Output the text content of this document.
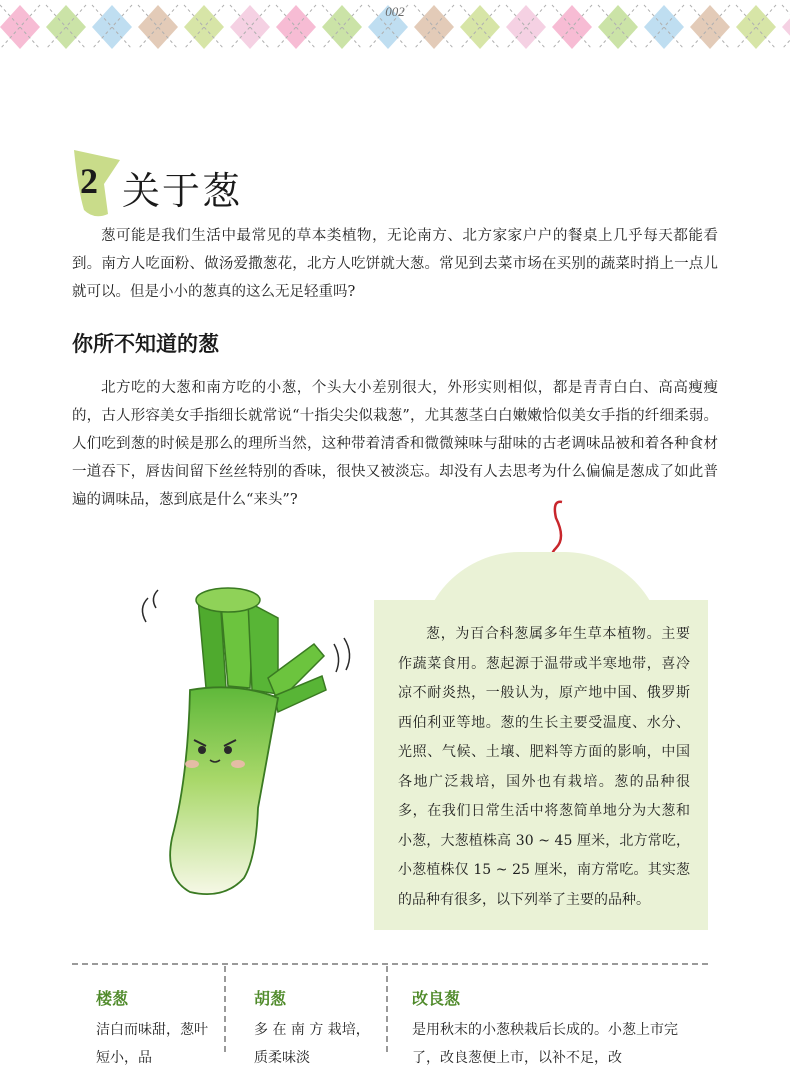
002
2 关于葱
葱可能是我们生活中最常见的草本类植物，无论南方、北方家家户户的餐桌上几乎每天都能看到。南方人吃面粉、做汤爱撒葱花，北方人吃饼就大葱。常见到去菜市场在买别的蔬菜时捎上一点儿就可以。但是小小的葱真的这么无足轻重吗?
你所不知道的葱
北方吃的大葱和南方吃的小葱，个头大小差别很大，外形实则相似，都是青青白白、高高瘦瘦的，古人形容美女手指细长就常说“十指尖尖似栽葱”，尤其葱茎白白嫩嫩恰似美女手指的纤细柔弱。人们吃到葱的时候是那么的理所当然，这种带着清香和微微辣味与甜味的古老调味品被和着各种食材一道吞下，唇齿间留下丝丝特别的香味，很快又被淡忘。却没有人去思考为什么偏偏是葱成了如此普遍的调味品，葱到底是什么“来头”?
葱，为百合科葱属多年生草本植物。主要作蔬菜食用。葱起源于温带或半寒地带，喜冷凉不耐炎热，一般认为，原产地中国、俄罗斯西伯利亚等地。葱的生长主要受温度、水分、光照、气候、土壤、肥料等方面的影响，中国各地广泛栽培，国外也有栽培。葱的品种很多，在我们日常生活中将葱简单地分为大葱和小葱，大葱植株高 30 ~ 45 厘米，北方常吃，小葱植株仅 15 ~ 25 厘米，南方常吃。其实葱的品种有很多，以下列举了主要的品种。
楼葱
洁白而味甜，葱叶短小，品
胡葱
多 在 南 方 栽培，质柔味淡
改良葱
是用秋末的小葱秧栽后长成的。小葱上市完了，改良葱便上市，以补不足，改
